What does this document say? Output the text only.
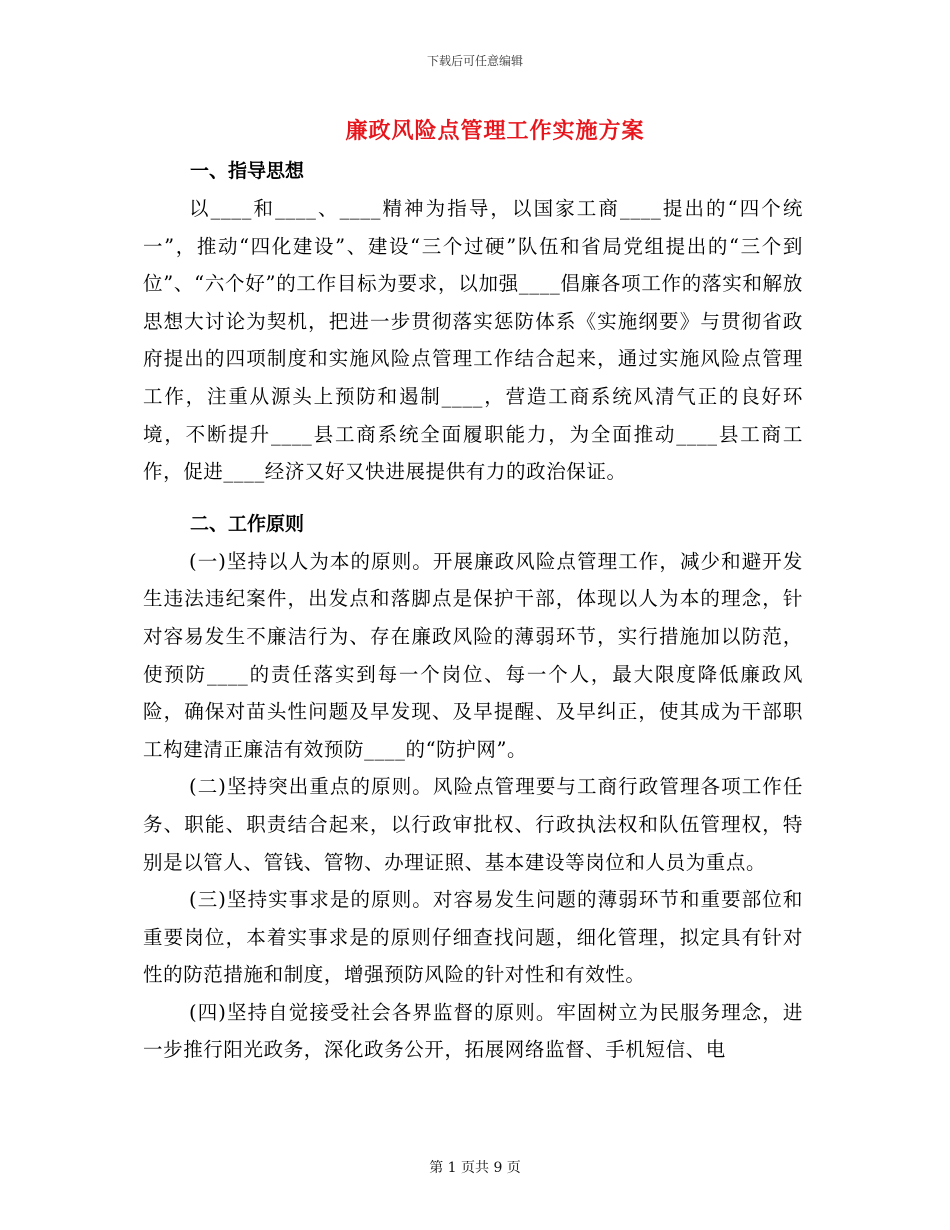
下载后可任意编辑
廉政风险点管理工作实施方案
一、指导思想
以____和____、____精神为指导，以国家工商____提出的“四个统一”，推动“四化建设”、建设“三个过硬”队伍和省局党组提出的“三个到位”、“六个好”的工作目标为要求，以加强____倡廉各项工作的落实和解放思想大讨论为契机，把进一步贯彻落实惩防体系《实施纲要》与贯彻省政府提出的四项制度和实施风险点管理工作结合起来，通过实施风险点管理工作，注重从源头上预防和遏制____，营造工商系统风清气正的良好环境，不断提升____县工商系统全面履职能力，为全面推动____县工商工作，促进____经济又好又快进展提供有力的政治保证。
二、工作原则
(一)坚持以人为本的原则。开展廉政风险点管理工作，减少和避开发生违法违纪案件，出发点和落脚点是保护干部，体现以人为本的理念，针对容易发生不廉洁行为、存在廉政风险的薄弱环节，实行措施加以防范，使预防____的责任落实到每一个岗位、每一个人，最大限度降低廉政风险，确保对苗头性问题及早发现、及早提醒、及早纠正，使其成为干部职工构建清正廉洁有效预防____的“防护网”。
(二)坚持突出重点的原则。风险点管理要与工商行政管理各项工作任务、职能、职责结合起来，以行政审批权、行政执法权和队伍管理权，特别是以管人、管钱、管物、办理证照、基本建设等岗位和人员为重点。
(三)坚持实事求是的原则。对容易发生问题的薄弱环节和重要部位和重要岗位，本着实事求是的原则仔细查找问题，细化管理，拟定具有针对性的防范措施和制度，增强预防风险的针对性和有效性。
(四)坚持自觉接受社会各界监督的原则。牢固树立为民服务理念，进一步推行阳光政务，深化政务公开，拓展网络监督、手机短信、电
第 1 页共 9 页
